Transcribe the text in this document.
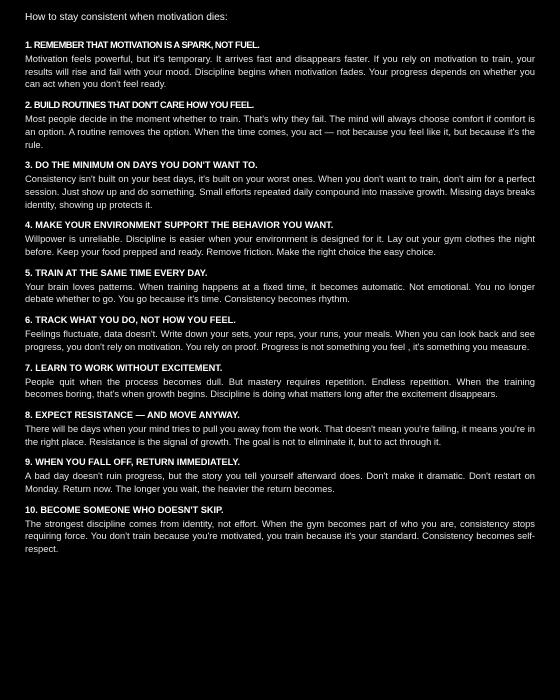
How to stay consistent when motivation dies:
1. REMEMBER THAT MOTIVATION IS A SPARK, NOT FUEL.

Motivation feels powerful, but it's temporary. It arrives fast and disappears faster. If you rely on motivation to train, your results will rise and fall with your mood. Discipline begins when motivation fades. Your progress depends on whether you can act when you don't feel ready.

2. BUILD ROUTINES THAT DON'T CARE HOW YOU FEEL.

Most people decide in the moment whether to train. That's why they fail. The mind will always choose comfort if comfort is an option. A routine removes the option. When the time comes, you act — not because you feel like it, but because it's the rule.

3. DO THE MINIMUM ON DAYS YOU DON'T WANT TO.

Consistency isn't built on your best days, it's built on your worst ones. When you don't want to train, don't aim for a perfect session. Just show up and do something. Small efforts repeated daily compound into massive growth. Missing days breaks identity, showing up protects it.

4. MAKE YOUR ENVIRONMENT SUPPORT THE BEHAVIOR YOU WANT.

Willpower is unreliable. Discipline is easier when your environment is designed for it. Lay out your gym clothes the night before. Keep your food prepped and ready. Remove friction. Make the right choice the easy choice.

5. TRAIN AT THE SAME TIME EVERY DAY.

Your brain loves patterns. When training happens at a fixed time, it becomes automatic. Not emotional. You no longer debate whether to go. You go because it's time. Consistency becomes rhythm.

6. TRACK WHAT YOU DO, NOT HOW YOU FEEL.

Feelings fluctuate, data doesn't. Write down your sets, your reps, your runs, your meals. When you can look back and see progress, you don't rely on motivation. You rely on proof. Progress is not something you feel , it's something you measure.

7. LEARN TO WORK WITHOUT EXCITEMENT.

People quit when the process becomes dull. But mastery requires repetition. Endless repetition. When the training becomes boring, that's when growth begins. Discipline is doing what matters long after the excitement disappears.

8. EXPECT RESISTANCE — AND MOVE ANYWAY.

There will be days when your mind tries to pull you away from the work. That doesn't mean you're failing, it means you're in the right place. Resistance is the signal of growth. The goal is not to eliminate it, but to act through it.

9. WHEN YOU FALL OFF, RETURN IMMEDIATELY.

A bad day doesn't ruin progress, but the story you tell yourself afterward does. Don't make it dramatic. Don't restart on Monday. Return now. The longer you wait, the heavier the return becomes.

10. BECOME SOMEONE WHO DOESN'T SKIP.

The strongest discipline comes from identity, not effort. When the gym becomes part of who you are, consistency stops requiring force. You don't train because you're motivated, you train because it's your standard. Consistency becomes self-respect.
